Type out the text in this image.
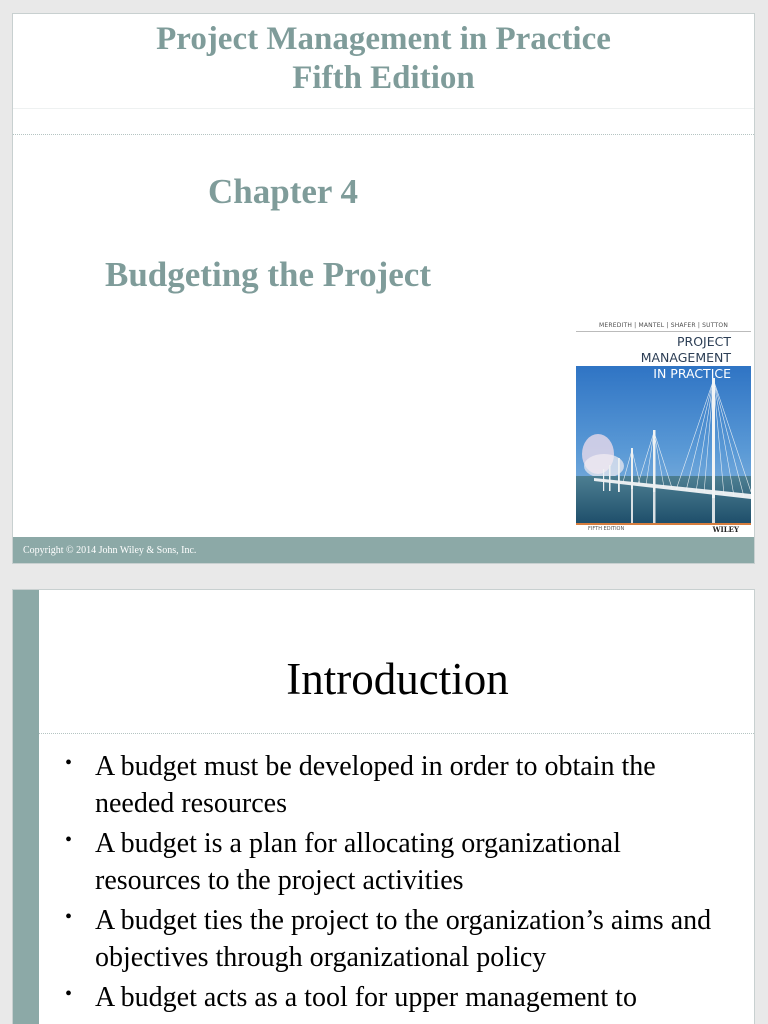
Project Management in Practice
Fifth Edition
Chapter 4
Budgeting the Project
MEREDITH | MANTEL | SHAFER | SUTTON
PROJECT
MANAGEMENT
IN PRACTICE
FIFTH EDITION	WILEY
Copyright © 2014 John Wiley & Sons, Inc.
Introduction
• A budget must be developed in order to obtain the needed resources
• A budget is a plan for allocating organizational resources to the project activities
• A budget ties the project to the organization’s aims and objectives through organizational policy
• A budget acts as a tool for upper management to
